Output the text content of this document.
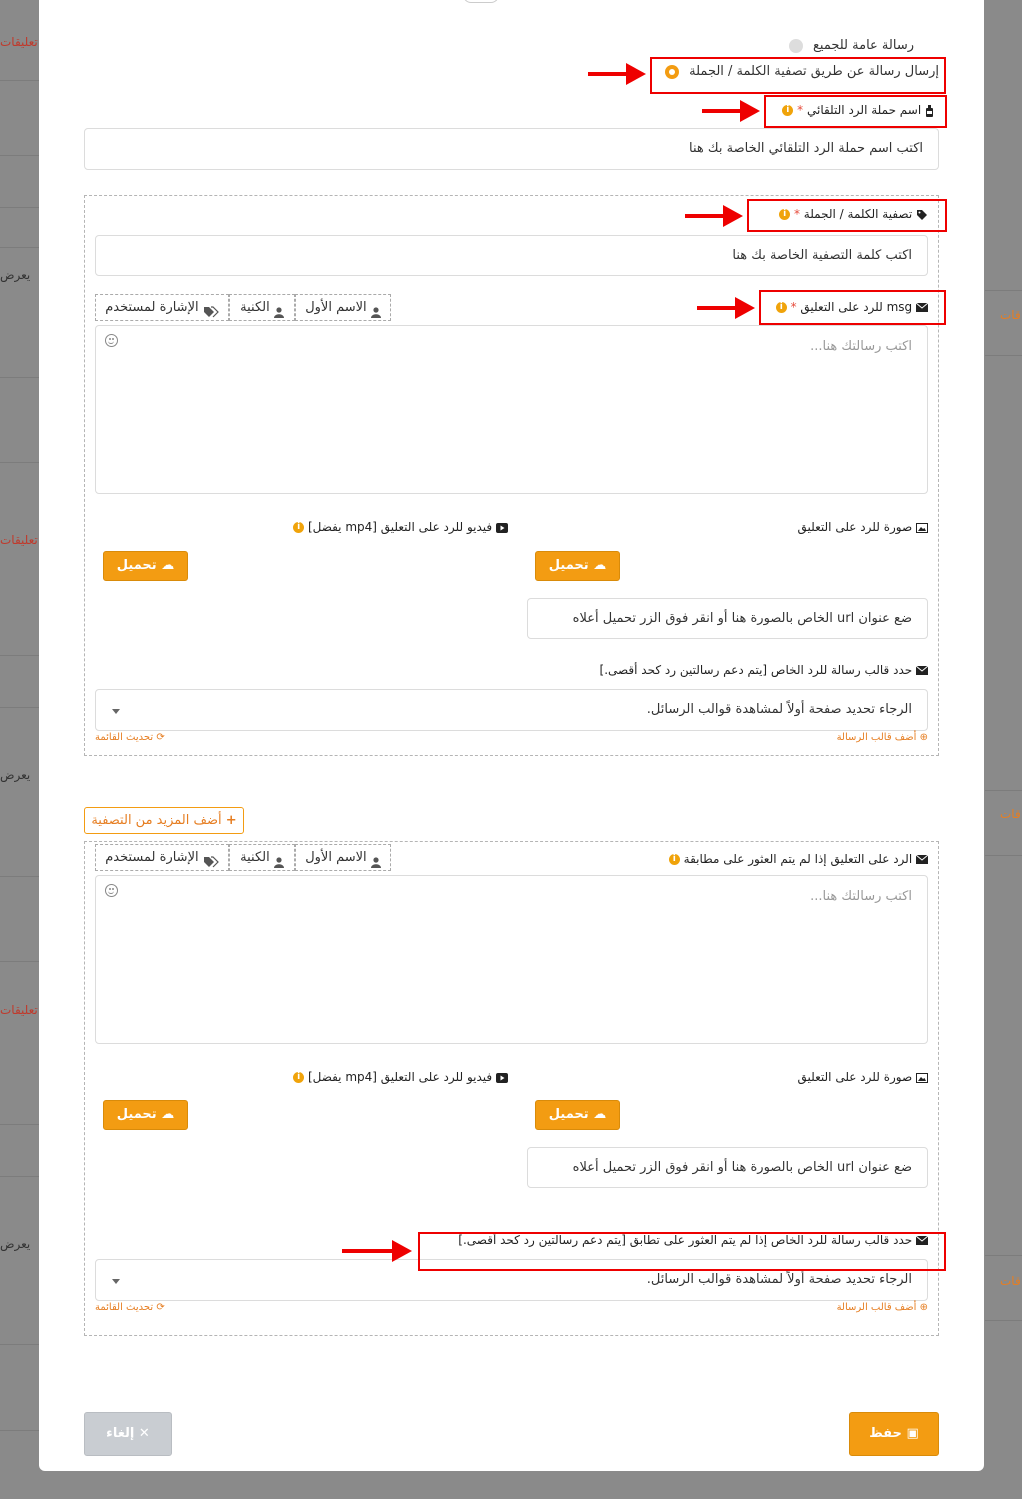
تعليقات
يعرض
تعليقات
يعرض
تعليقات
يعرض
قات
قات
قات
رسالة عامة للجميع
إرسال رسالة عن طريق تصفية الكلمة / الجملة
اسم حملة الرد التلقائي * i
اكتب اسم حملة الرد التلقائي الخاصة بك هنا
تصفية الكلمة / الجملة * i
اكتب كلمة التصفية الخاصة بك هنا
msg للرد على التعليق * i
الاسم الأول
الكنية
الإشارة لمستخدم
اكتب رسالتك هنا...
صورة للرد على التعليق
فيديو للرد على التعليق [mp4 يفضل] i
☁ تحميل
☁ تحميل
ضع عنوان url الخاص بالصورة هنا أو انقر فوق الزر تحميل أعلاه
حدد قالب رسالة للرد الخاص [يتم دعم رسالتين رد كحد أقصى.]
الرجاء تحديد صفحة أولاً لمشاهدة قوالب الرسائل.
⊕ أضف قالب الرسالة
⟳ تحديث القائمة
+ أضف المزيد من التصفية
الرد على التعليق إذا لم يتم العثور على مطابقة i
الاسم الأول
الكنية
الإشارة لمستخدم
اكتب رسالتك هنا...
صورة للرد على التعليق
فيديو للرد على التعليق [mp4 يفضل] i
☁ تحميل
☁ تحميل
ضع عنوان url الخاص بالصورة هنا أو انقر فوق الزر تحميل أعلاه
حدد قالب رسالة للرد الخاص إذا لم يتم العثور على تطابق [يتم دعم رسالتين رد كحد أقصى.]
الرجاء تحديد صفحة أولاً لمشاهدة قوالب الرسائل.
⊕ أضف قالب الرسالة
⟳ تحديث القائمة
▣ حفظ
✕ إلغاء
